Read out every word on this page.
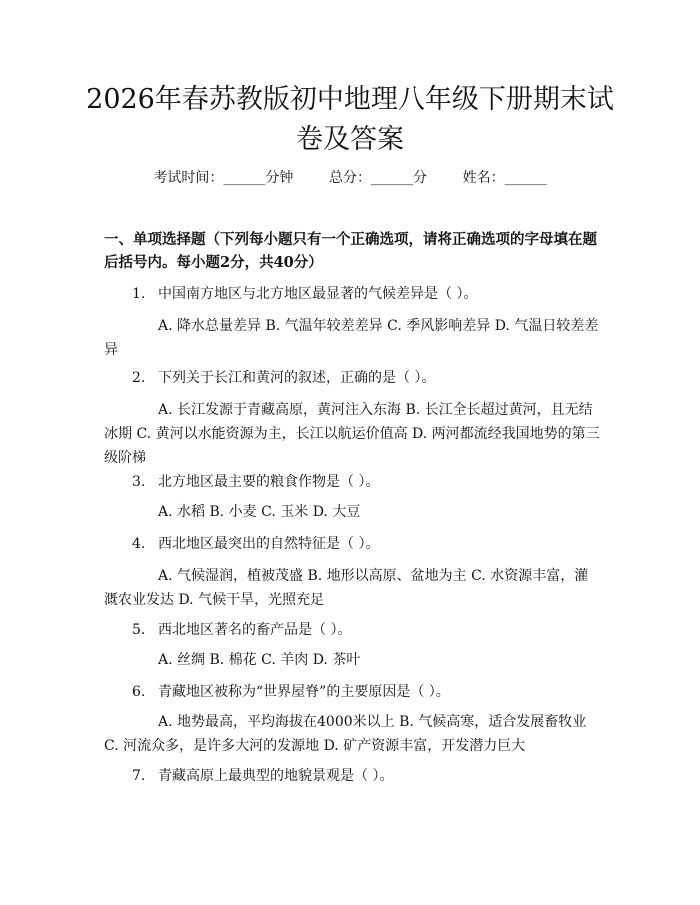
2026年春苏教版初中地理八年级下册期末试卷及答案
考试时间：______分钟	总分：______分	姓名：______

一、单项选择题（下列每小题只有一个正确选项，请将正确选项的字母填在题后括号内。每小题2分，共40分）

1. 中国南方地区与北方地区最显著的气候差异是（ ）。

A. 降水总量差异 B. 气温年较差差异 C. 季风影响差异 D. 气温日较差差异

2. 下列关于长江和黄河的叙述，正确的是（ ）。

A. 长江发源于青藏高原，黄河注入东海 B. 长江全长超过黄河，且无结冰期 C. 黄河以水能资源为主，长江以航运价值高 D. 两河都流经我国地势的第三级阶梯

3. 北方地区最主要的粮食作物是（ ）。

A. 水稻 B. 小麦 C. 玉米 D. 大豆

4. 西北地区最突出的自然特征是（ ）。

A. 气候湿润，植被茂盛 B. 地形以高原、盆地为主 C. 水资源丰富，灌溉农业发达 D. 气候干旱，光照充足

5. 西北地区著名的畜产品是（ ）。

A. 丝绸 B. 棉花 C. 羊肉 D. 茶叶

6. 青藏地区被称为“世界屋脊”的主要原因是（ ）。

A. 地势最高，平均海拔在4000米以上 B. 气候高寒，适合发展畜牧业 C. 河流众多，是许多大河的发源地 D. 矿产资源丰富，开发潜力巨大

7. 青藏高原上最典型的地貌景观是（ ）。
